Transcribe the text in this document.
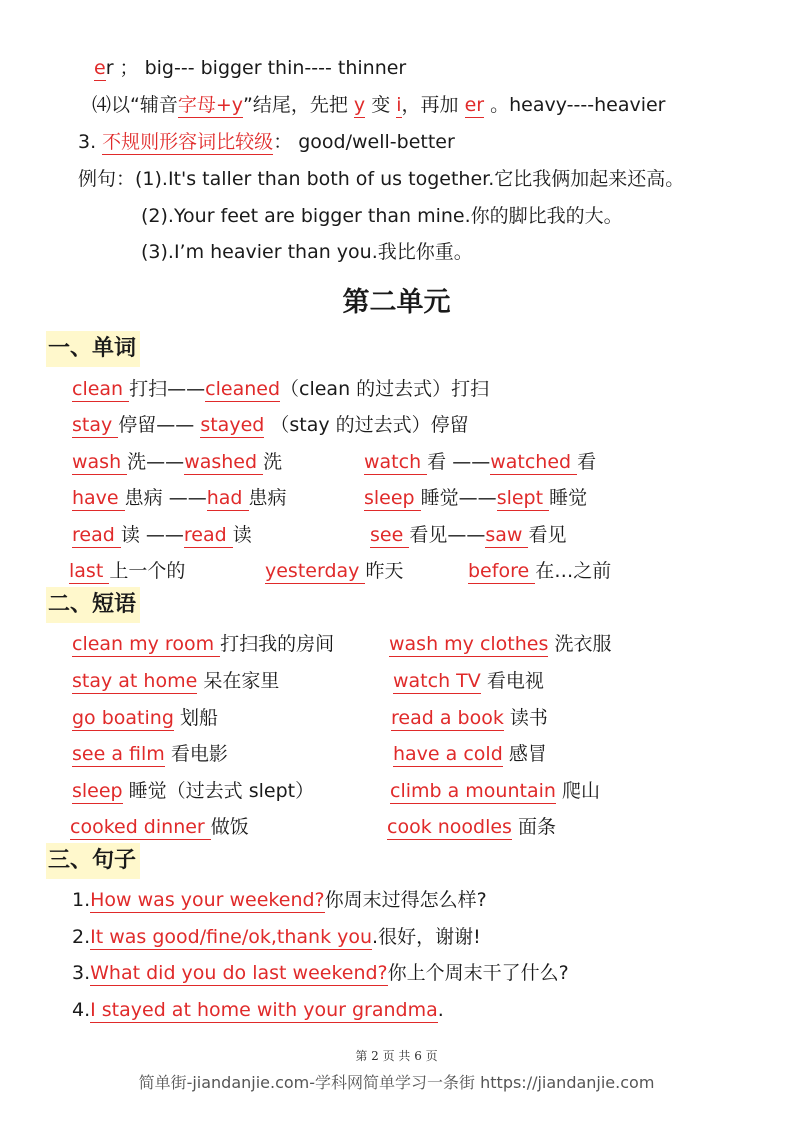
er ； big--- bigger thin---- thinner
⑷以“辅音字母+y”结尾，先把 y 变 i，再加 er 。heavy----heavier
3. 不规则形容词比较级： good/well-better
例句：(1).It's taller than both of us together.它比我俩加起来还高。
(2).Your feet are bigger than mine.你的脚比我的大。
(3).I’m heavier than you.我比你重。
第二单元
一、单词
clean 打扫——cleaned（clean 的过去式）打扫
stay 停留—— stayed （stay 的过去式）停留
wash 洗——washed 洗	watch 看 ——watched 看
have 患病 ——had 患病	sleep 睡觉——slept 睡觉
read 读 ——read 读	see 看见——saw 看见
last 上一个的	yesterday 昨天	before 在…之前
二、短语
clean my room 打扫我的房间	wash my clothes 洗衣服
stay at home 呆在家里	watch TV 看电视
go boating 划船	read a book 读书
see a film 看电影	have a cold 感冒
sleep 睡觉（过去式 slept）	climb a mountain 爬山
cooked dinner 做饭	cook noodles 面条
三、句子
1.How was your weekend?你周末过得怎么样?
2.It was good/fine/ok,thank you.很好，谢谢!
3.What did you do last weekend?你上个周末干了什么?
4.I stayed at home with your grandma.
第 2 页 共 6 页
简单街-jiandanjie.com-学科网简单学习一条街 https://jiandanjie.com
